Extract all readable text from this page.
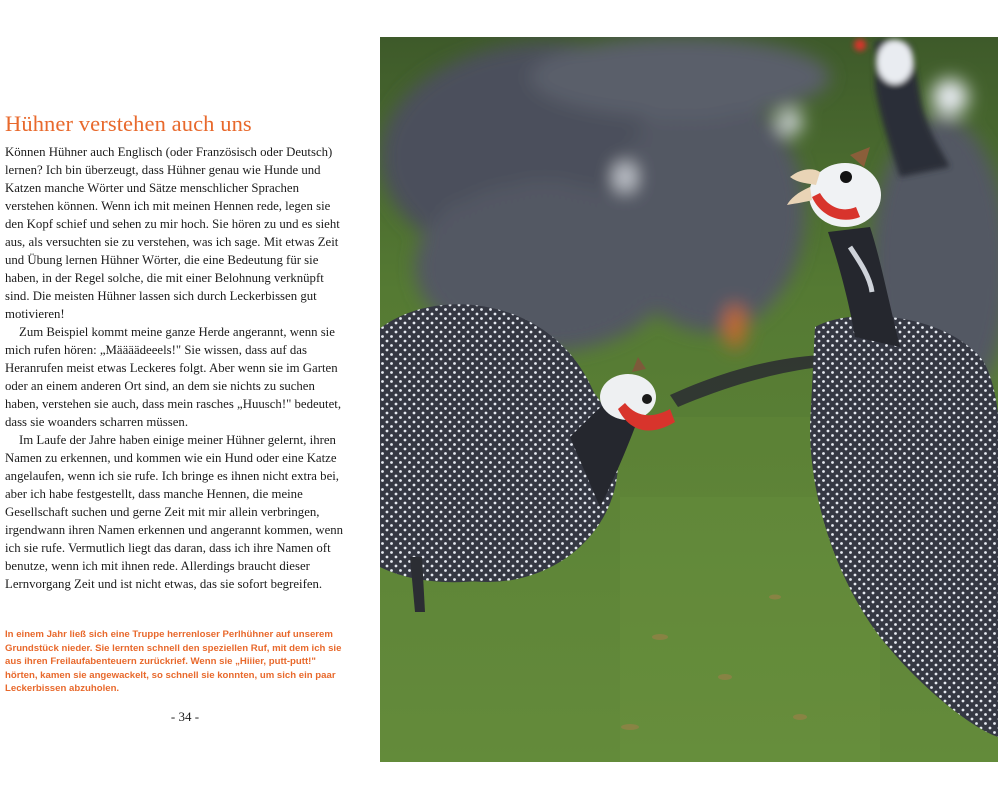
Hühner verstehen auch uns

Können Hühner auch Englisch (oder Französisch oder Deutsch) lernen? Ich bin überzeugt, dass Hühner genau wie Hunde und Katzen manche Wörter und Sätze menschlicher Sprachen verstehen können. Wenn ich mit meinen Hennen rede, legen sie den Kopf schief und sehen zu mir hoch. Sie hören zu und es sieht aus, als versuchten sie zu verstehen, was ich sage. Mit etwas Zeit und Übung lernen Hühner Wörter, die eine Bedeutung für sie haben, in der Regel solche, die mit einer Belohnung verknüpft sind. Die meisten Hühner lassen sich durch Leckerbissen gut motivieren!

Zum Beispiel kommt meine ganze Herde angerannt, wenn sie mich rufen hören: „Määäädeeels!" Sie wissen, dass auf das Heranrufen meist etwas Leckeres folgt. Aber wenn sie im Garten oder an einem anderen Ort sind, an dem sie nichts zu suchen haben, verstehen sie auch, dass mein rasches „Huusch!" bedeutet, dass sie woanders scharren müssen.

Im Laufe der Jahre haben einige meiner Hühner gelernt, ihren Namen zu erkennen, und kommen wie ein Hund oder eine Katze angelaufen, wenn ich sie rufe. Ich bringe es ihnen nicht extra bei, aber ich habe festgestellt, dass manche Hennen, die meine Gesellschaft suchen und gerne Zeit mit mir allein verbringen, irgendwann ihren Namen erkennen und angerannt kommen, wenn ich sie rufe. Vermutlich liegt das daran, dass ich ihre Namen oft benutze, wenn ich mit ihnen rede. Allerdings braucht dieser Lernvorgang Zeit und ist nicht etwas, das sie sofort begreifen.

In einem Jahr ließ sich eine Truppe herrenloser Perlhühner auf unserem Grundstück nieder. Sie lernten schnell den speziellen Ruf, mit dem ich sie aus ihren Freilaufabenteuern zurückrief. Wenn sie „Hiiier, putt-putt!" hörten, kamen sie angewackelt, so schnell sie konnten, um sich ein paar Leckerbissen abzuholen.

- 34 -
